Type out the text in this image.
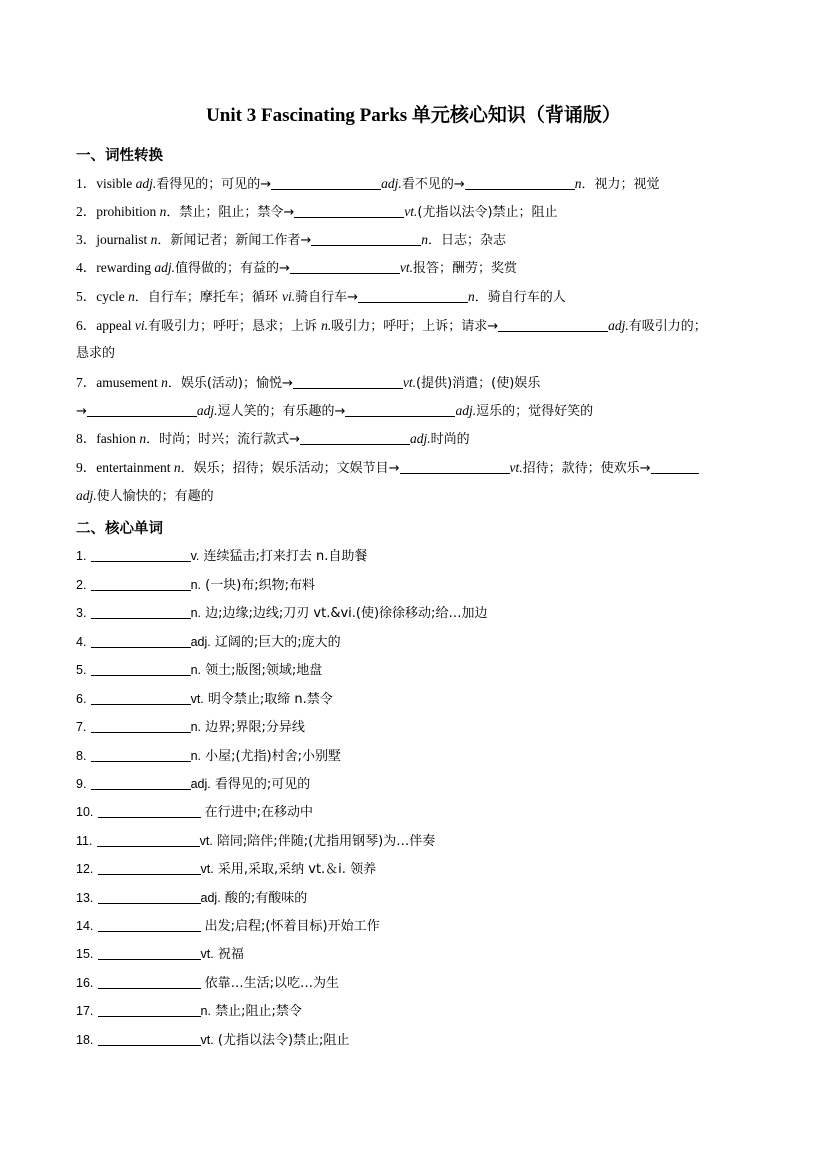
Unit 3 Fascinating Parks 单元核心知识（背诵版）
一、词性转换
1．visible adj.看得见的；可见的→	adj.看不见的→	n．视力；视觉
2．prohibition n．禁止；阻止；禁令→	vt.(尤指以法令)禁止；阻止
3．journalist n．新闻记者；新闻工作者→	n．日志；杂志
4．rewarding adj.值得做的；有益的→	vt.报答；酬劳；奖赏
5．cycle n．自行车；摩托车；循环 vi.骑自行车→	n．骑自行车的人
6．appeal vi.有吸引力；呼吁；恳求；上诉 n.吸引力；呼吁；上诉；请求→	adj.有吸引力的；
恳求的
7．amusement n．娱乐(活动)；愉悦→	vt.(提供)消遣；(使)娱乐
→	adj.逗人笑的；有乐趣的→	adj.逗乐的；觉得好笑的
8．fashion n．时尚；时兴；流行款式→	adj.时尚的
9．entertainment n．娱乐；招待；娱乐活动；文娱节目→	vt.招待；款待；使欢乐→
adj.使人愉快的；有趣的
二、核心单词
1.	v. 连续猛击;打来打去 n.自助餐
2.	n. (一块)布;织物;布料
3.	n. 边;边缘;边线;刀刃 vt.&vi.(使)徐徐移动;给…加边
4.	adj. 辽阔的;巨大的;庞大的
5.	n. 领土;版图;领域;地盘
6.	vt. 明令禁止;取缔 n.禁令
7.	n. 边界;界限;分异线
8.	n. 小屋;(尤指)村舍;小别墅
9.	adj. 看得见的;可见的
10.	在行进中;在移动中
11.	vt. 陪同;陪伴;伴随;(尤指用钢琴)为…伴奏
12.	vt. 采用,采取,采纳 vt.＆i. 领养
13.	adj. 酸的;有酸味的
14.	出发;启程;(怀着目标)开始工作
15.	vt. 祝福
16.	依靠…生活;以吃…为生
17.	n. 禁止;阻止;禁令
18.	vt. (尤指以法令)禁止;阻止
